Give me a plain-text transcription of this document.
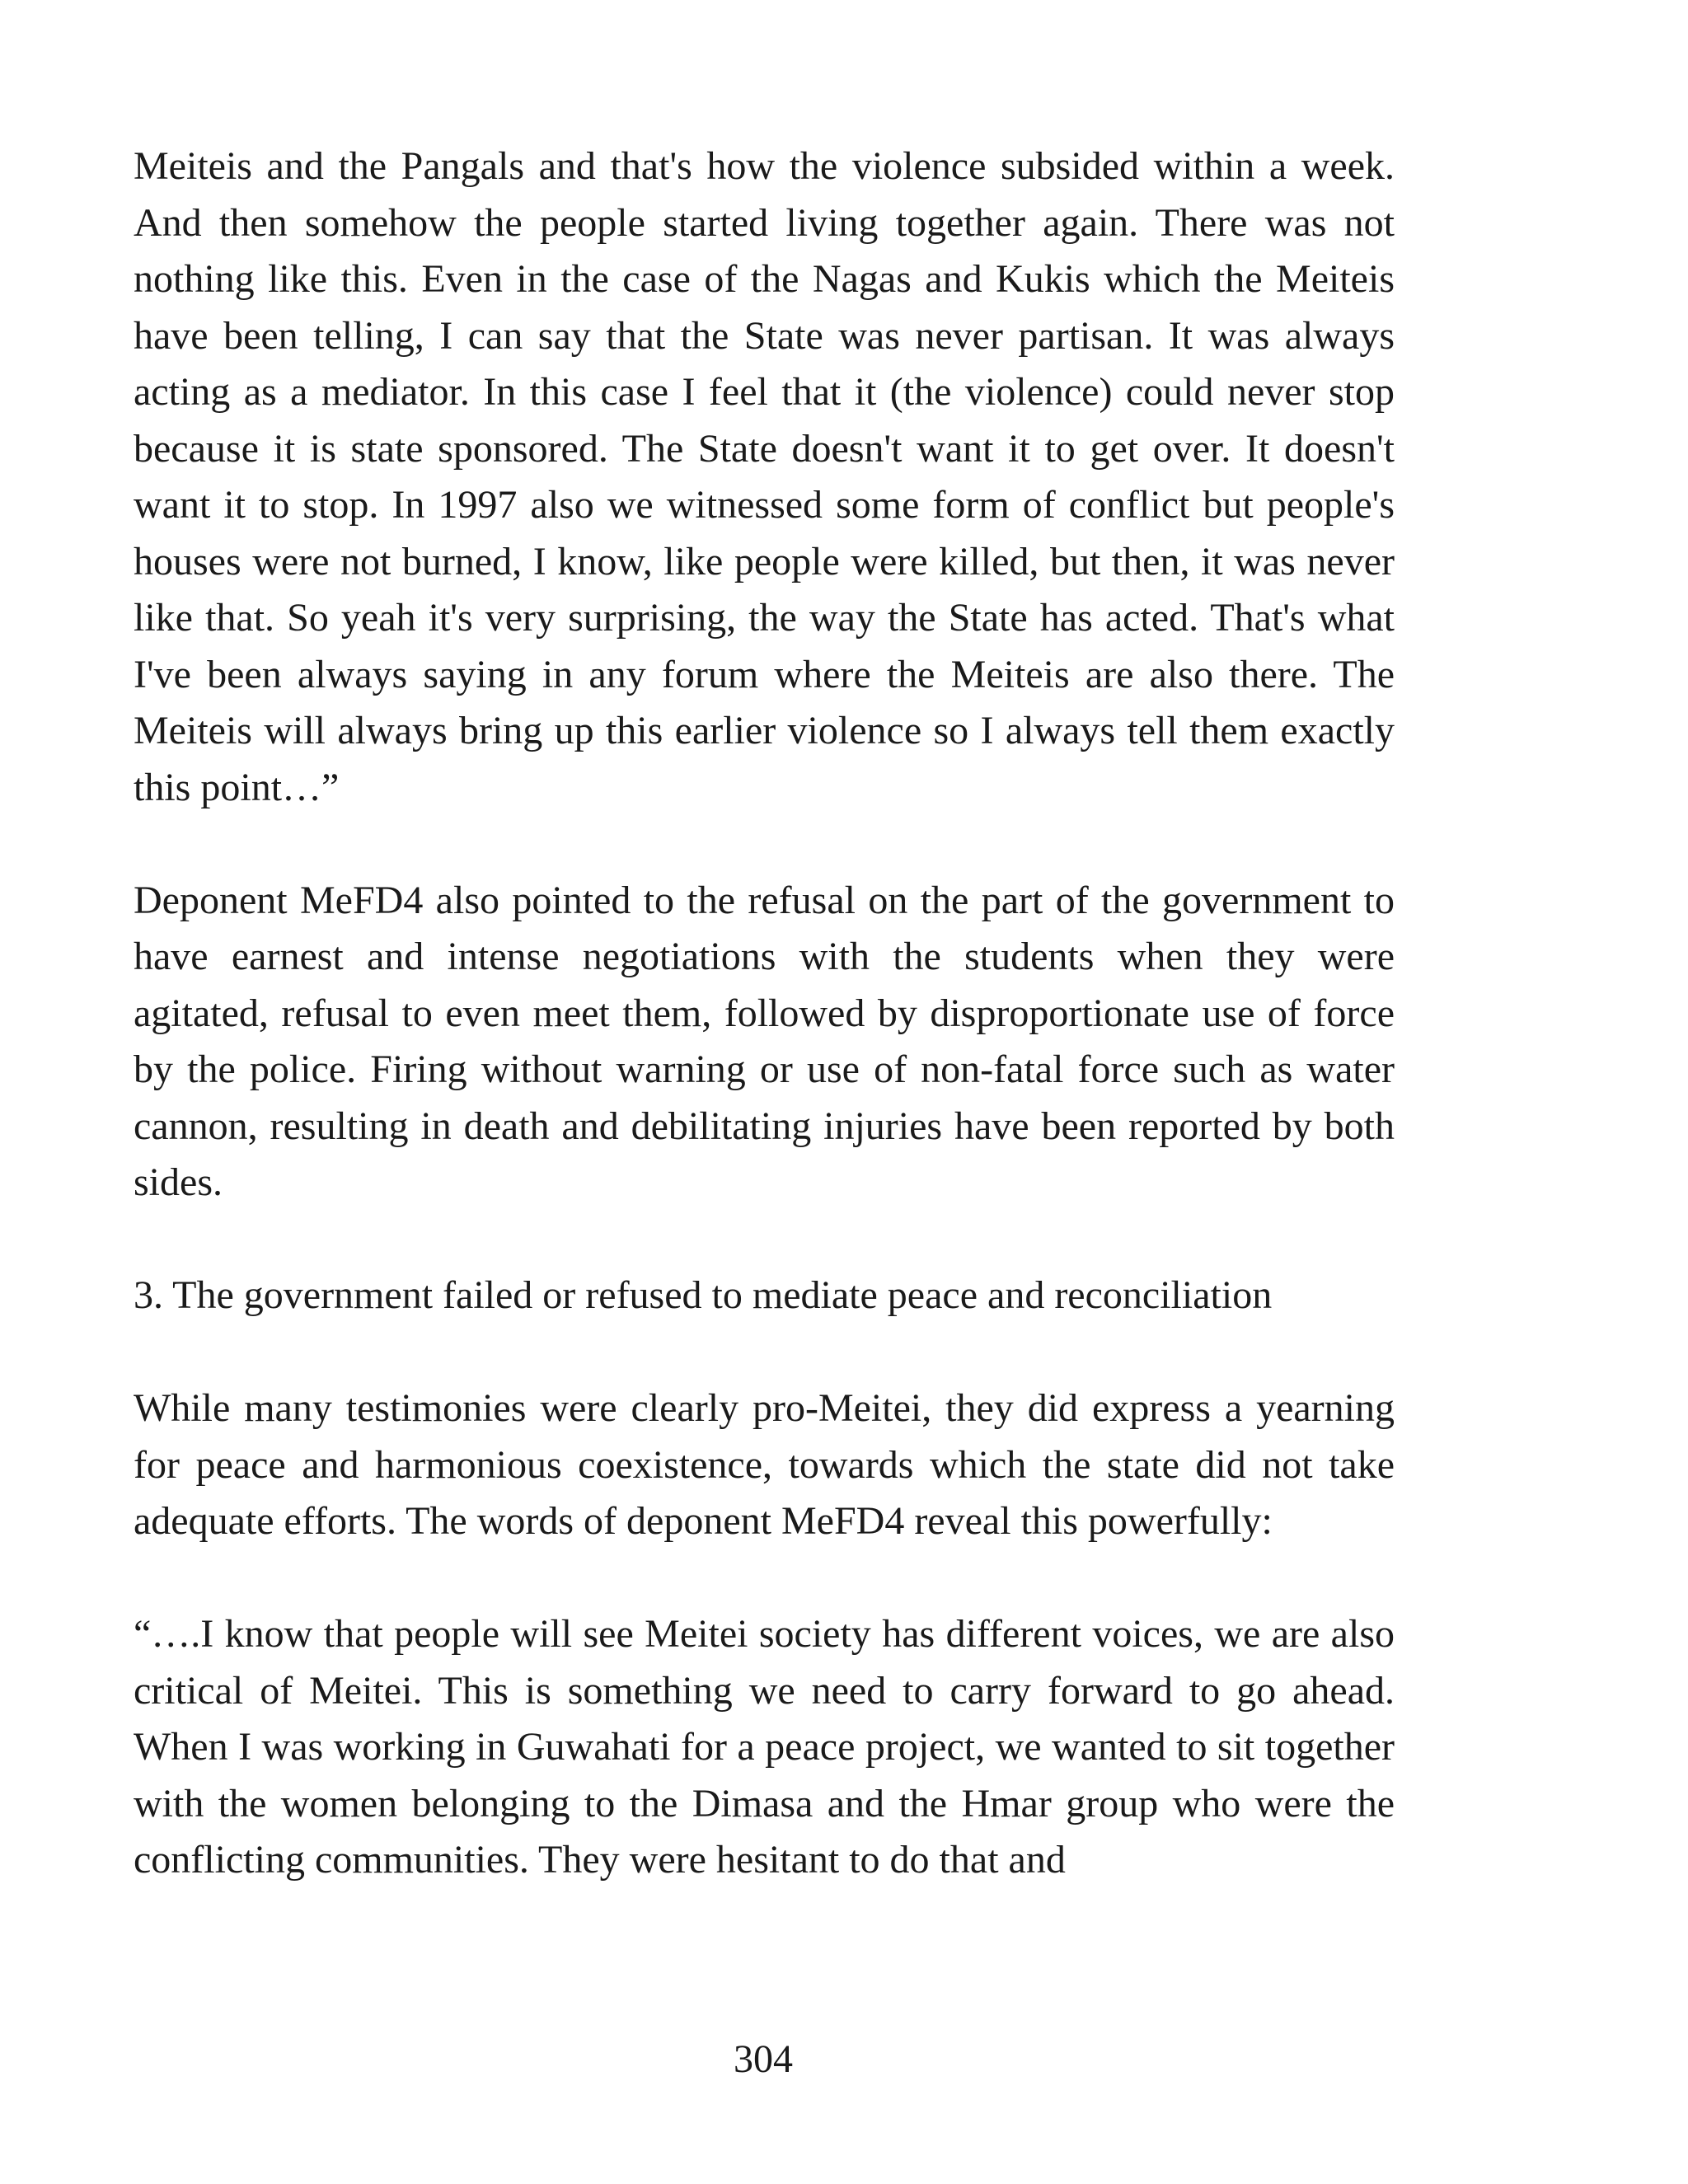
Meiteis and the Pangals and that's how the violence subsided within a week. And then somehow the people started living together again. There was not nothing like this. Even in the case of the Nagas and Kukis which the Meiteis have been telling, I can say that the State was never partisan. It was always acting as a mediator. In this case I feel that it (the violence) could never stop because it is state sponsored. The State doesn't want it to get over. It doesn't want it to stop. In 1997 also we witnessed some form of conflict but people's houses were not burned, I know, like people were killed, but then, it was never like that. So yeah it's very surprising, the way the State has acted. That's what I've been always saying in any forum where the Meiteis are also there. The Meiteis will always bring up this earlier violence so I always tell them exactly this point…”

Deponent MeFD4 also pointed to the refusal on the part of the government to have earnest and intense negotiations with the students when they were agitated, refusal to even meet them, followed by disproportionate use of force by the police. Firing without warning or use of non-fatal force such as water cannon, resulting in death and debilitating injuries have been reported by both sides.

3. The government failed or refused to mediate peace and reconciliation

While many testimonies were clearly pro-Meitei, they did express a yearning for peace and harmonious coexistence, towards which the state did not take adequate efforts. The words of deponent MeFD4 reveal this powerfully:

“….I know that people will see Meitei society has different voices, we are also critical of Meitei. This is something we need to carry forward to go ahead. When I was working in Guwahati for a peace project, we wanted to sit together with the women belonging to the Dimasa and the Hmar group who were the conflicting communities. They were hesitant to do that and

304
